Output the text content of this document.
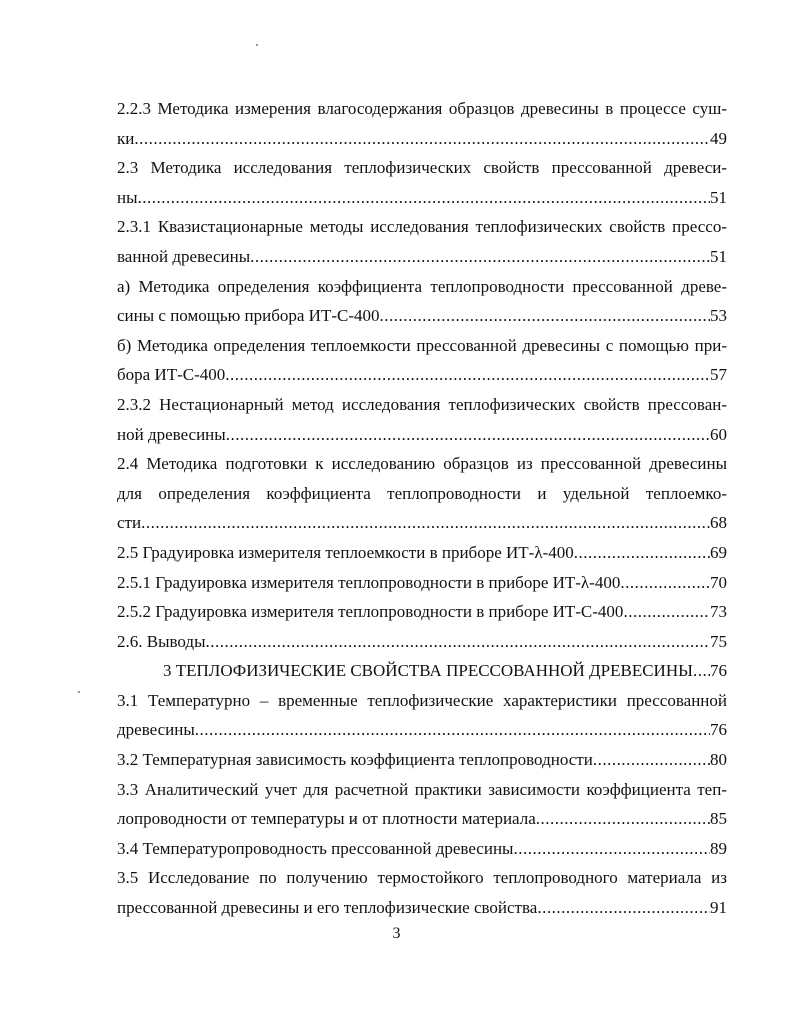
2.2.3 Методика измерения влагосодержания образцов древесины в процессе суш-
ки .....	49
2.3 Методика исследования теплофизических свойств прессованной древеси-
ны .....	51
2.3.1 Квазистационарные методы исследования теплофизических свойств прессо-
ванной древесины .....	51
а) Методика определения коэффициента теплопроводности прессованной древе-
сины с помощью прибора ИТ-С-400 .....	53
б) Методика определения теплоемкости прессованной древесины с помощью при-
бора ИТ-С-400 .....	57
2.3.2 Нестационарный метод исследования теплофизических свойств прессован-
ной древесины .....	60
2.4 Методика подготовки к исследованию образцов из прессованной древесины
для определения коэффициента теплопроводности и удельной теплоемко-
сти .....	68
2.5 Градуировка измерителя теплоемкости в приборе ИТ-λ-400 .....	69
2.5.1 Градуировка измерителя теплопроводности в приборе ИТ-λ-400 .....	70
2.5.2 Градуировка измерителя теплопроводности в приборе ИТ-С-400 .....	73
2.6. Выводы .....	75
3 ТЕПЛОФИЗИЧЕСКИЕ СВОЙСТВА ПРЕССОВАННОЙ ДРЕВЕСИНЫ ..... 76
3.1 Температурно – временные теплофизические характеристики прессованной
древесины .....	76
3.2 Температурная зависимость коэффициента теплопроводности .....	80
3.3 Аналитический учет для расчетной практики зависимости коэффициента теп-
лопроводности от температуры и от плотности материала .....	85
3.4 Температуропроводность прессованной древесины .....	89
3.5 Исследование по получению термостойкого теплопроводного материала из
прессованной древесины и его теплофизические свойства .....	91
3
